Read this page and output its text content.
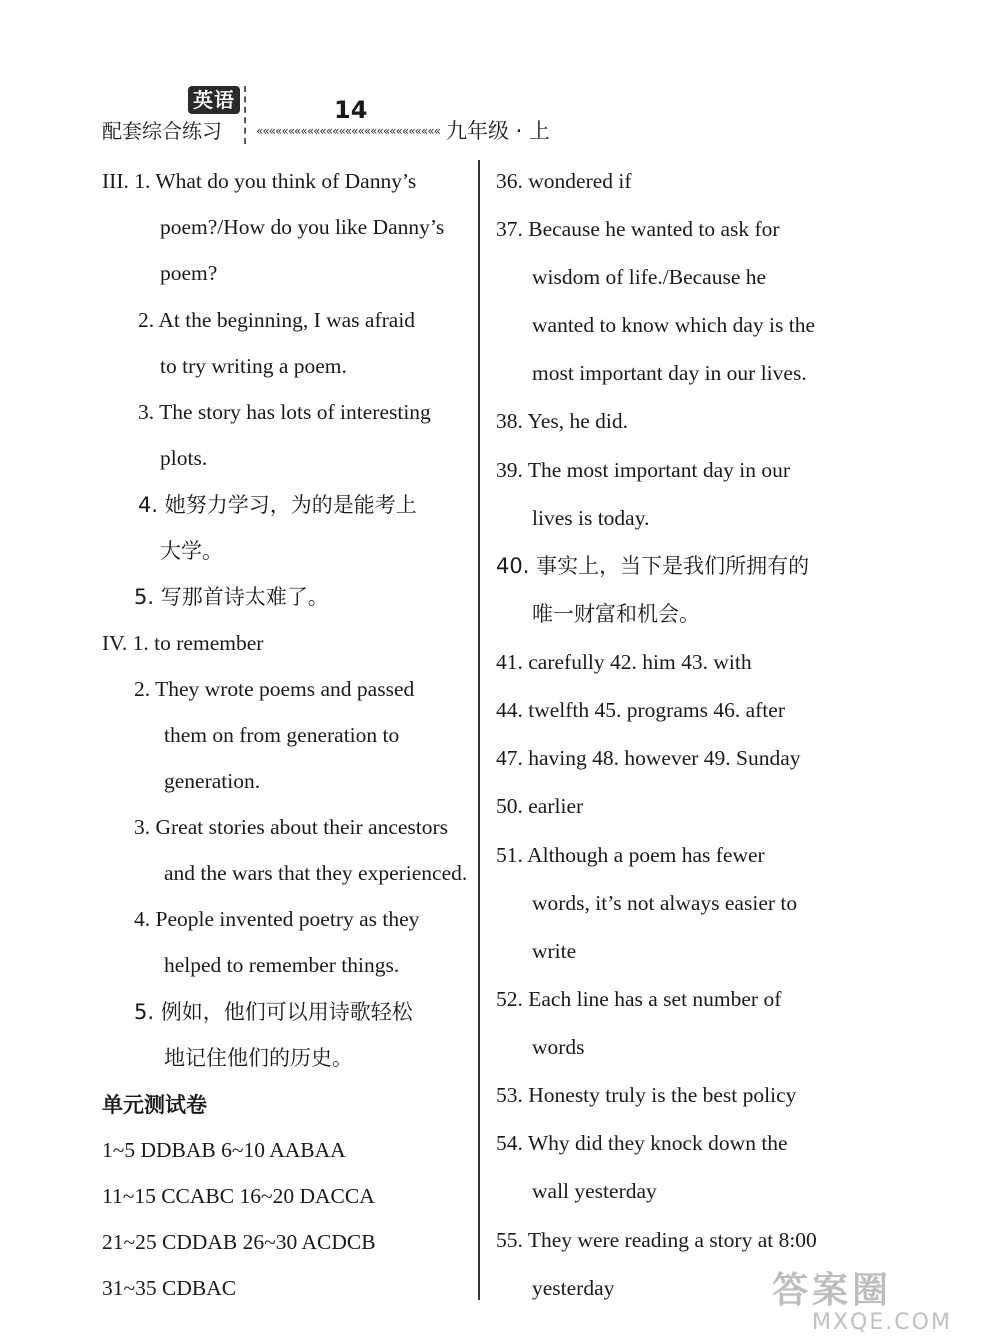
英语
配套综合练习	«««««««««««««««««««««««««««««
14
九年级 · 上
III. 1. What do you think of Danny’s
poem?/How do you like Danny’s
poem?
2. At the beginning, I was afraid
to try writing a poem.
3. The story has lots of interesting
plots.
4. 她努力学习，为的是能考上
大学。
5. 写那首诗太难了。
IV. 1. to remember
2. They wrote poems and passed
them on from generation to
generation.
3. Great stories about their ancestors
and the wars that they experienced.
4. People invented poetry as they
helped to remember things.
5. 例如，他们可以用诗歌轻松
地记住他们的历史。
单元测试卷
1~5 DDBAB 6~10 AABAA
11~15 CCABC 16~20 DACCA
21~25 CDDAB 26~30 ACDCB
31~35 CDBAC
36. wondered if
37. Because he wanted to ask for
wisdom of life./Because he
wanted to know which day is the
most important day in our lives.
38. Yes, he did.
39. The most important day in our
lives is today.
40. 事实上，当下是我们所拥有的
唯一财富和机会。
41. carefully 42. him 43. with
44. twelfth 45. programs 46. after
47. having 48. however 49. Sunday
50. earlier
51. Although a poem has fewer
words, it’s not always easier to
write
52. Each line has a set number of
words
53. Honesty truly is the best policy
54. Why did they knock down the
wall yesterday
55. They were reading a story at 8:00
yesterday	答案圈
MXQE.COM
